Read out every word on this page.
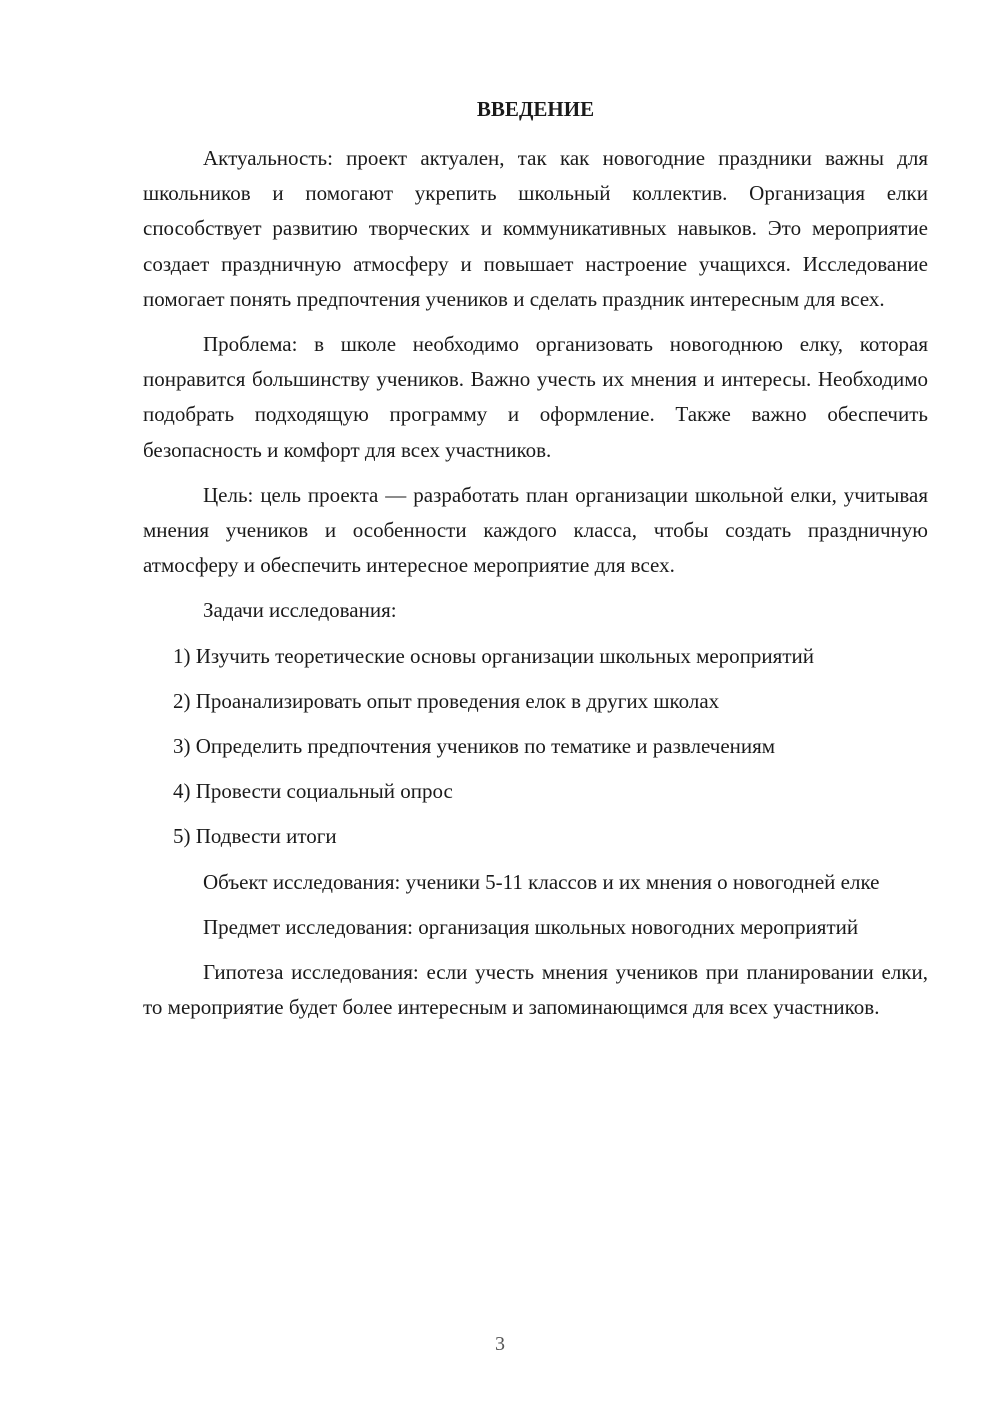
ВВЕДЕНИЕ

Актуальность: проект актуален, так как новогодние праздники важны для школьников и помогают укрепить школьный коллектив. Организация елки способствует развитию творческих и коммуникативных навыков. Это мероприятие создает праздничную атмосферу и повышает настроение учащихся. Исследование помогает понять предпочтения учеников и сделать праздник интересным для всех.

Проблема: в школе необходимо организовать новогоднюю елку, которая понравится большинству учеников. Важно учесть их мнения и интересы. Необходимо подобрать подходящую программу и оформление. Также важно обеспечить безопасность и комфорт для всех участников.

Цель: цель проекта — разработать план организации школьной елки, учитывая мнения учеников и особенности каждого класса, чтобы создать праздничную атмосферу и обеспечить интересное мероприятие для всех.

Задачи исследования:

1) Изучить теоретические основы организации школьных мероприятий

2) Проанализировать опыт проведения елок в других школах

3) Определить предпочтения учеников по тематике и развлечениям

4) Провести социальный опрос

5) Подвести итоги

Объект исследования: ученики 5-11 классов и их мнения о новогодней елке

Предмет исследования: организация школьных новогодних мероприятий

Гипотеза исследования: если учесть мнения учеников при планировании елки, то мероприятие будет более интересным и запоминающимся для всех участников.

3
